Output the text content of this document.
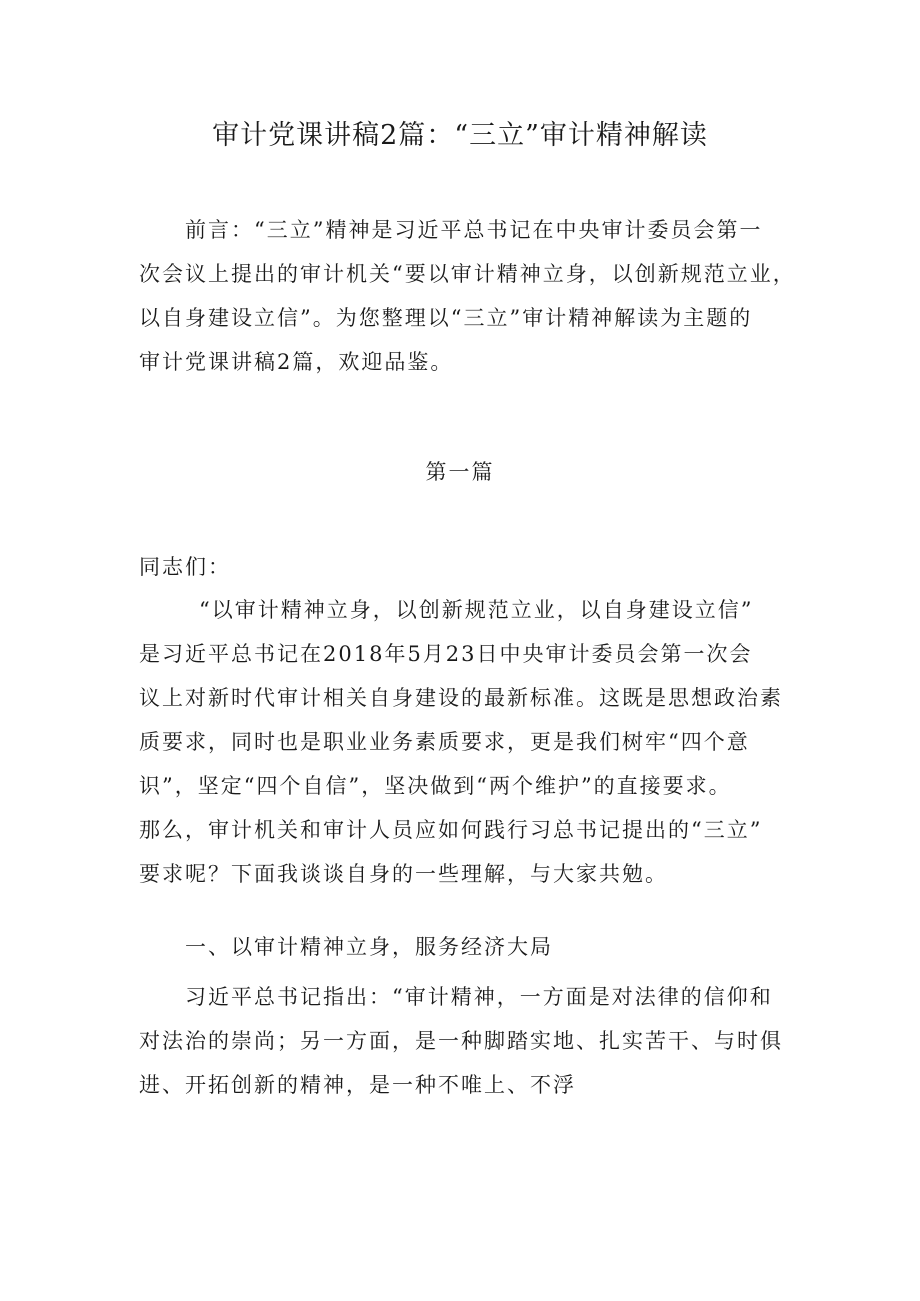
审计党课讲稿2篇：“三立”审计精神解读
前言：“三立”精神是习近平总书记在中央审计委员会第一
次会议上提出的审计机关“要以审计精神立身，以创新规范立业，
以自身建设立信”。为您整理以“三立”审计精神解读为主题的
审计党课讲稿2篇，欢迎品鉴。
第一篇
同志们：
“以审计精神立身，以创新规范立业，以自身建设立信”
是习近平总书记在2018年5月23日中央审计委员会第一次会
议上对新时代审计相关自身建设的最新标准。这既是思想政治素
质要求，同时也是职业业务素质要求，更是我们树牢“四个意
识”，坚定“四个自信”，坚决做到“两个维护”的直接要求。
那么，审计机关和审计人员应如何践行习总书记提出的“三立”
要求呢？下面我谈谈自身的一些理解，与大家共勉。
一、以审计精神立身，服务经济大局
习近平总书记指出：“审计精神，一方面是对法律的信仰和
对法治的崇尚；另一方面，是一种脚踏实地、扎实苦干、与时俱
进、开拓创新的精神，是一种不唯上、不浮
